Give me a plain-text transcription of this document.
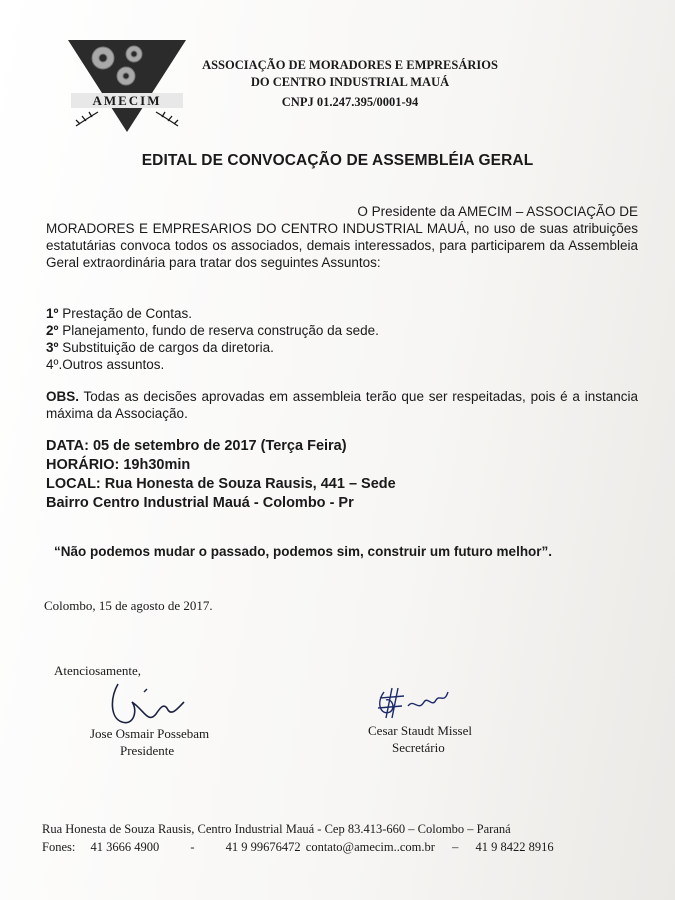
AMECIM
ASSOCIAÇÃO DE MORADORES E EMPRESÁRIOS
DO CENTRO INDUSTRIAL MAUÁ
CNPJ 01.247.395/0001-94
EDITAL DE CONVOCAÇÃO DE ASSEMBLÉIA GERAL
O Presidente da AMECIM – ASSOCIAÇÃO DE
MORADORES E EMPRESARIOS DO CENTRO INDUSTRIAL MAUÁ, no uso de suas atribuições estatutárias convoca todos os associados, demais interessados, para participarem da Assembleia Geral extraordinária para tratar dos seguintes Assuntos:
1º Prestação de Contas.
2º Planejamento, fundo de reserva construção da sede.
3º Substituição de cargos da diretoria.
4º.Outros assuntos.
OBS. Todas as decisões aprovadas em assembleia terão que ser respeitadas, pois é a instancia máxima da Associação.
DATA: 05 de setembro de 2017 (Terça Feira)
HORÁRIO: 19h30min
LOCAL: Rua Honesta de Souza Rausis, 441 – Sede
Bairro Centro Industrial Mauá - Colombo - Pr
“Não podemos mudar o passado, podemos sim, construir um futuro melhor”.
Colombo, 15 de agosto de 2017.
Atenciosamente,
Jose Osmair Possebam
Presidente
Cesar Staudt Missel
Secretário
Rua Honesta de Souza Rausis, Centro Industrial Mauá - Cep 83.413-660 – Colombo – Paraná
Fones: 41 3666 4900 - 41 9 99676472 contato@amecim..com.br – 41 9 8422 8916
